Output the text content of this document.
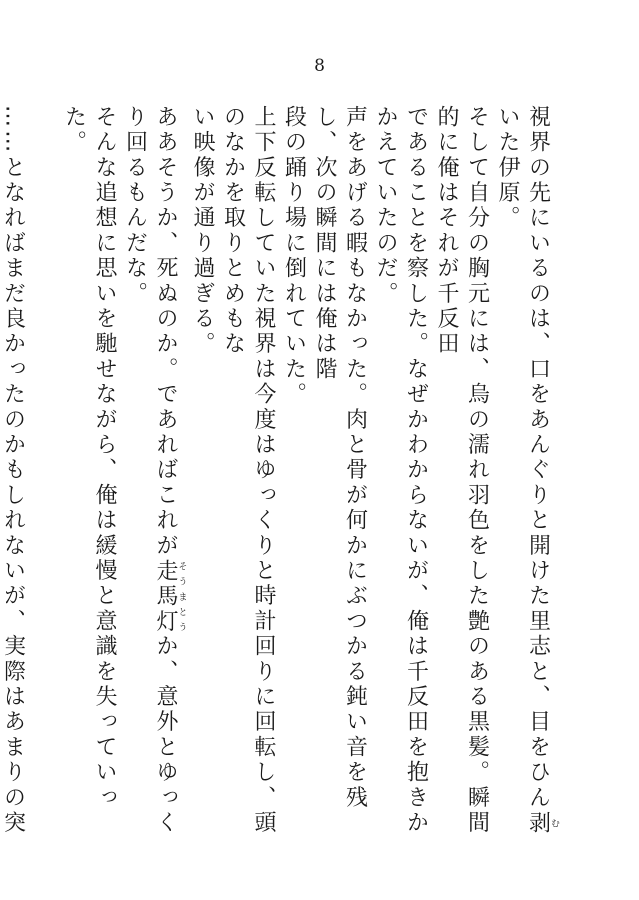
8
視界の先にいるのは、口をあんぐりと開けた里志と、目をひん剥むいた伊原。
そして自分の胸元には、烏の濡れ羽色をした艶のある黒髪。瞬間的に俺はそれが千反田
であることを察した。なぜかわからないが、俺は千反田を抱きかかえていたのだ。
声をあげる暇もなかった。肉と骨が何かにぶつかる鈍い音を残し、次の瞬間には俺は階
段の踊り場に倒れていた。
上下反転していた視界は今度はゆっくりと時計回りに回転し、頭のなかを取りとめもな
い映像が通り過ぎる。
ああそうか、死ぬのか。であればこれが走馬灯そうまとうか、意外とゆっくり回るもんだな。
そんな追想に思いを馳せながら、俺は緩慢と意識を失っていった。

……となればまだ良かったのかもしれないが、実際はあまりの突
